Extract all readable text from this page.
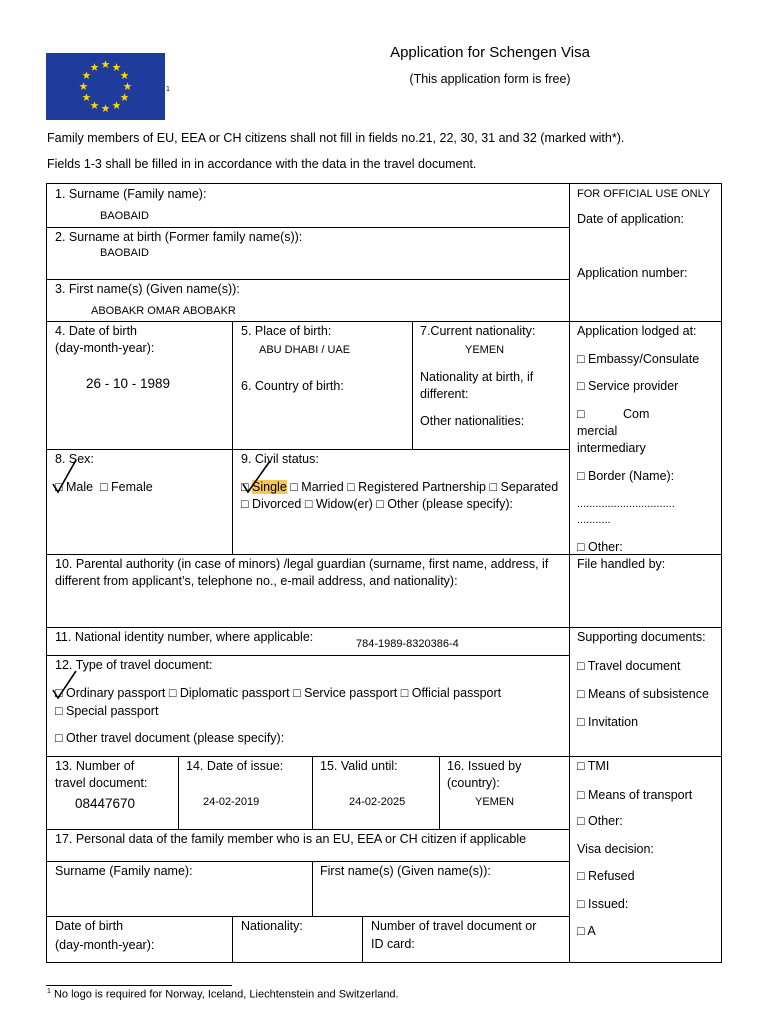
1
Application for Schengen Visa
(This application form is free)
Family members of EU, EEA or CH citizens shall not fill in fields no.21, 22, 30, 31 and 32 (marked with*).
Fields 1-3 shall be filled in in accordance with the data in the travel document.
1. Surname (Family name):
BAOBAID
2. Surname at birth (Former family name(s)):
BAOBAID
3. First name(s) (Given name(s)):
ABOBAKR OMAR ABOBAKR
4. Date of birth
(day-month-year):
26 - 10 - 1989
5. Place of birth:
ABU DHABI / UAE
6. Country of birth:
7.Current nationality:
YEMEN
Nationality at birth, if
different:
Other nationalities:
8. Sex:
□ Male □ Female
9. Civil status:
□ Single □ Married □ Registered Partnership □ Separated
□ Divorced □ Widow(er) □ Other (please specify):
10. Parental authority (in case of minors) /legal guardian (surname, first name, address, if different from applicant’s, telephone no., e-mail address, and nationality):
11. National identity number, where applicable:	784-1989-8320386-4
12. Type of travel document:
□ Ordinary passport □ Diplomatic passport □ Service passport □ Official passport
□ Special passport
□ Other travel document (please specify):
13. Number of
travel document:
08447670
14. Date of issue:
24-02-2019
15. Valid until:
24-02-2025
16. Issued by
(country):
YEMEN
17. Personal data of the family member who is an EU, EEA or CH citizen if applicable
Surname (Family name):	First name(s) (Given name(s)):
Date of birth
(day-month-year):
Nationality:	Number of travel document or
ID card:
FOR OFFICIAL USE ONLY
Date of application:
Application number:
Application lodged at:
□ Embassy/Consulate
□ Service provider
□	Com
mercial
intermediary
□ Border (Name):
................................
...........
□ Other:
File handled by:
Supporting documents:
□ Travel document
□ Means of subsistence
□ Invitation
□ TMI
□ Means of transport
□ Other:
Visa decision:
□ Refused
□ Issued:
□ A
$^1$ No logo is required for Norway, Iceland, Liechtenstein and Switzerland.
